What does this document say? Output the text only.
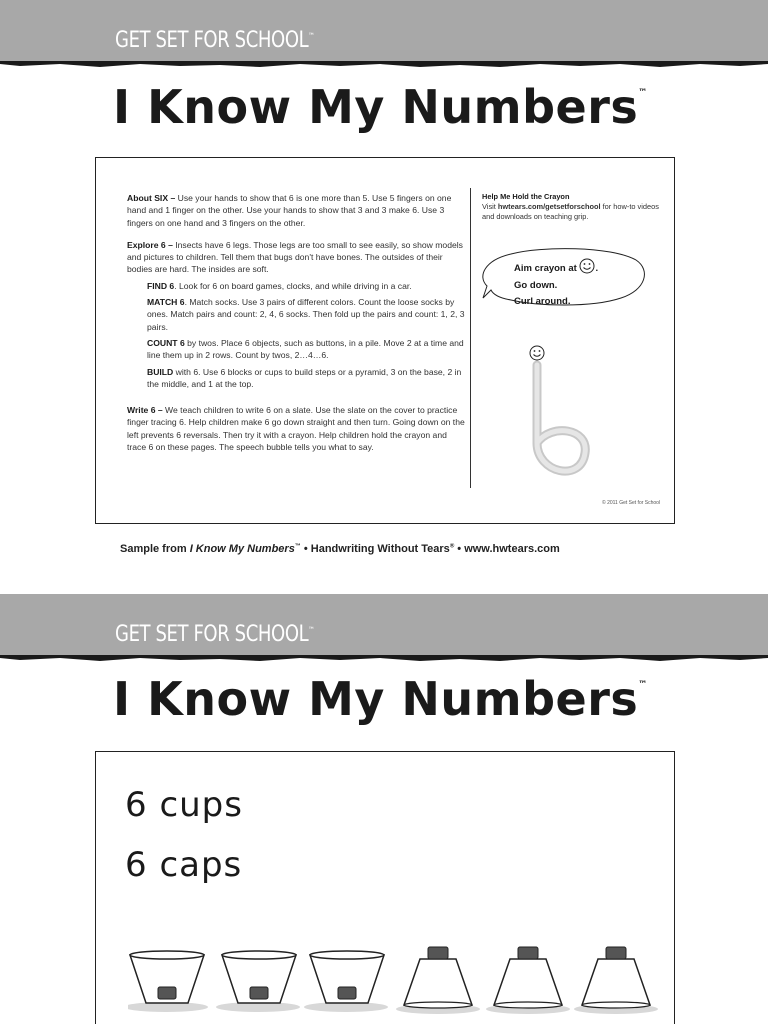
GET SET FOR SCHOOL™
I Know My Numbers™

About SIX – Use your hands to show that 6 is one more than 5. Use 5 fingers on one hand and 1 finger on the other. Use your hands to show that 3 and 3 make 6. Use 3 fingers on one hand and 3 fingers on the other.

Explore 6 – Insects have 6 legs. Those legs are too small to see easily, so show models and pictures to children. Tell them that bugs don't have bones. The outsides of their bodies are hard. The insides are soft.

FIND 6. Look for 6 on board games, clocks, and while driving in a car.

MATCH 6. Match socks. Use 3 pairs of different colors. Count the loose socks by ones. Match pairs and count: 2, 4, 6 socks. Then fold up the pairs and count: 1, 2, 3 pairs.

COUNT 6 by twos. Place 6 objects, such as buttons, in a pile. Move 2 at a time and line them up in 2 rows. Count by twos, 2…4…6.

BUILD with 6. Use 6 blocks or cups to build steps or a pyramid, 3 on the base, 2 in the middle, and 1 at the top.

Write 6 – We teach children to write 6 on a slate. Use the slate on the cover to practice finger tracing 6. Help children make 6 go down straight and then turn. Going down on the left prevents 6 reversals. Then try it with a crayon. Help children hold the crayon and trace 6 on these pages. The speech bubble tells you what to say.

Help Me Hold the Crayon
Visit hwtears.com/getsetforschool for how-to videos and downloads on teaching grip.
Aim crayon at .
Go down.
Curl around.
© 2011 Get Set for School
Sample from I Know My Numbers™ • Handwriting Without Tears® • www.hwtears.com
GET SET FOR SCHOOL™
I Know My Numbers™
6 cups
6 caps
